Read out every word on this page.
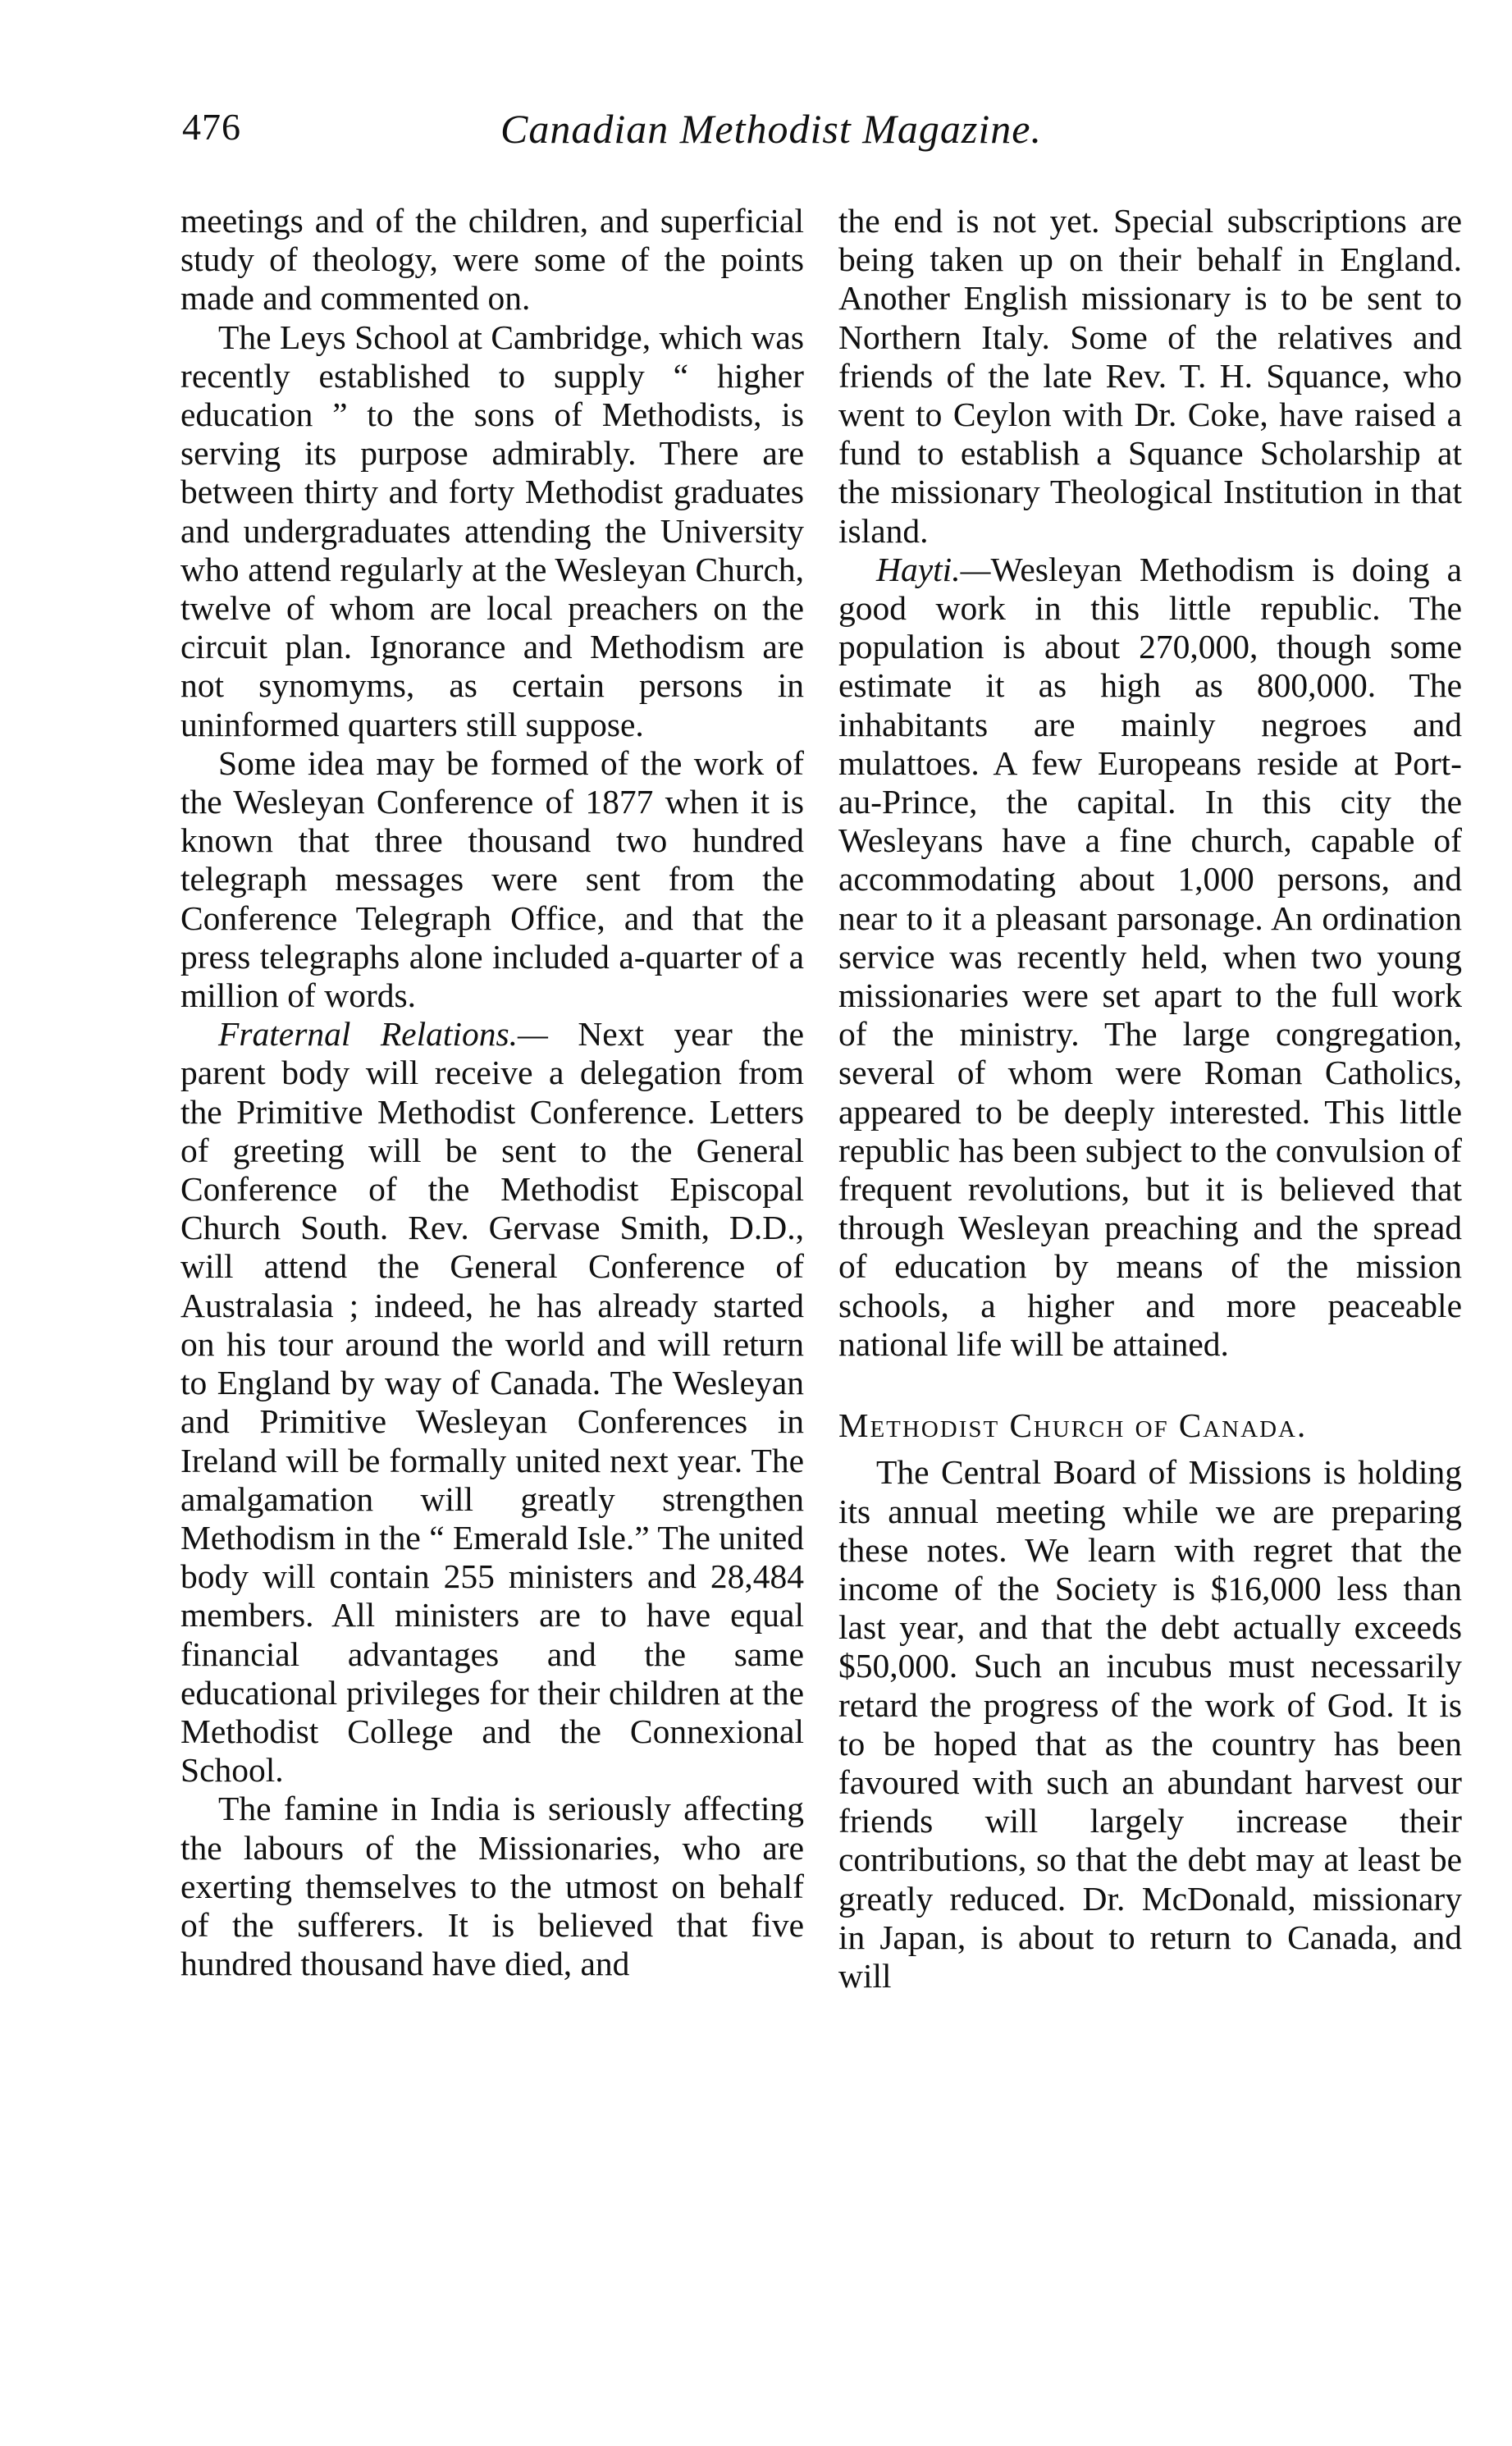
476	Canadian Methodist Magazine.

meetings and of the children, and superficial study of theology, were some of the points made and commented on.

The Leys School at Cambridge, which was recently established to supply “ higher education ” to the sons of Methodists, is serving its purpose admirably. There are between thirty and forty Methodist graduates and undergraduates attending the University who attend regularly at the Wesleyan Church, twelve of whom are local preachers on the circuit plan. Ignorance and Methodism are not synomyms, as certain persons in uninformed quarters still suppose.

Some idea may be formed of the work of the Wesleyan Conference of 1877 when it is known that three thousand two hundred telegraph messages were sent from the Conference Telegraph Office, and that the press telegraphs alone included a-quarter of a million of words.

Fraternal Relations.— Next year the parent body will receive a delegation from the Primitive Methodist Conference. Letters of greeting will be sent to the General Conference of the Methodist Episcopal Church South. Rev. Gervase Smith, D.D., will attend the General Conference of Australasia ; indeed, he has already started on his tour around the world and will return to England by way of Canada. The Wesleyan and Primitive Wesleyan Conferences in Ireland will be formally united next year. The amalgamation will greatly strengthen Methodism in the “ Emerald Isle.” The united body will contain 255 ministers and 28,484 members. All ministers are to have equal financial advantages and the same educational privileges for their children at the Methodist College and the Connexional School.

The famine in India is seriously affecting the labours of the Missionaries, who are exerting themselves to the utmost on behalf of the sufferers. It is believed that five hundred thousand have died, and

the end is not yet. Special subscriptions are being taken up on their behalf in England. Another English missionary is to be sent to Northern Italy. Some of the relatives and friends of the late Rev. T. H. Squance, who went to Ceylon with Dr. Coke, have raised a fund to establish a Squance Scholarship at the missionary Theological Institution in that island.

Hayti.—Wesleyan Methodism is doing a good work in this little republic. The population is about 270,000, though some estimate it as high as 800,000. The inhabitants are mainly negroes and mulattoes. A few Europeans reside at Port-au-Prince, the capital. In this city the Wesleyans have a fine church, capable of accommodating about 1,000 persons, and near to it a pleasant parsonage. An ordination service was recently held, when two young missionaries were set apart to the full work of the ministry. The large congregation, several of whom were Roman Catholics, appeared to be deeply interested. This little republic has been subject to the convulsion of frequent revolutions, but it is believed that through Wesleyan preaching and the spread of education by means of the mission schools, a higher and more peaceable national life will be attained.

Methodist Church of Canada.

The Central Board of Missions is holding its annual meeting while we are preparing these notes. We learn with regret that the income of the Society is $16,000 less than last year, and that the debt actually exceeds $50,000. Such an incubus must necessarily retard the progress of the work of God. It is to be hoped that as the country has been favoured with such an abundant harvest our friends will largely increase their contributions, so that the debt may at least be greatly reduced. Dr. McDonald, missionary in Japan, is about to return to Canada, and will
